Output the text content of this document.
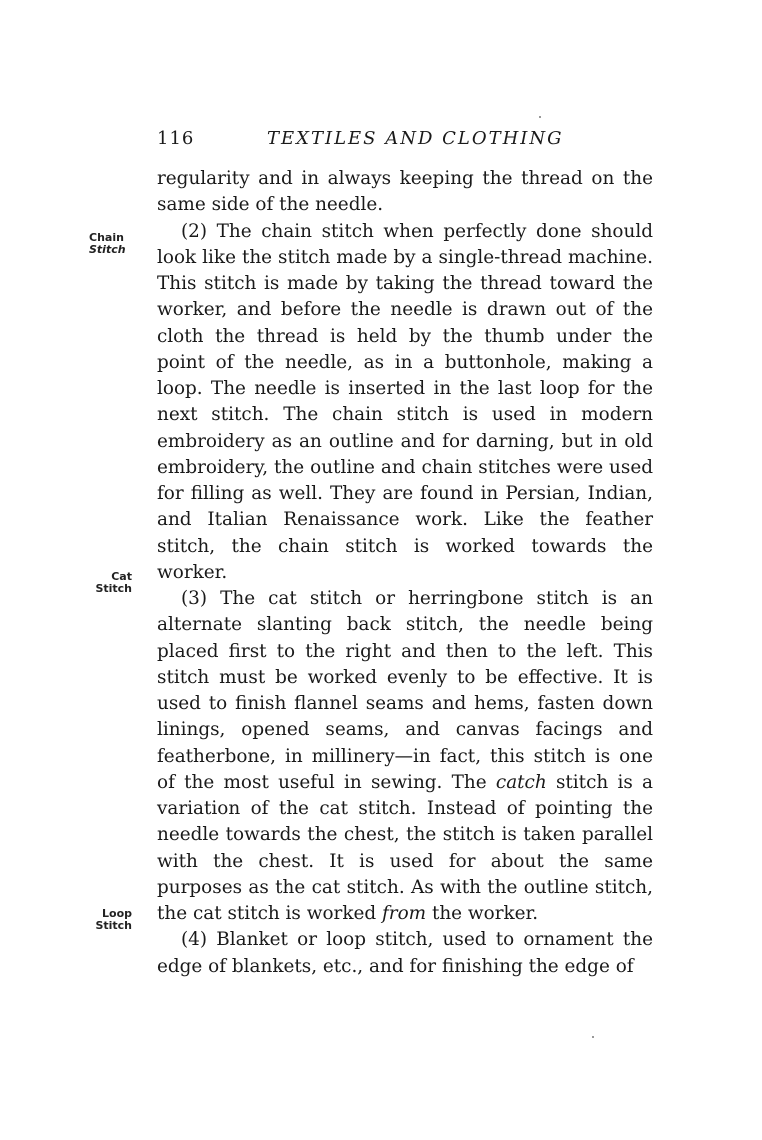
116	TEXTILES AND CLOTHING
Chain
Stitch
Cat
Stitch
Loop
Stitch

regularity and in always keeping the thread on the same side of the needle.

(2) The chain stitch when perfectly done should look like the stitch made by a single-thread machine. This stitch is made by taking the thread toward the worker, and before the needle is drawn out of the cloth the thread is held by the thumb under the point of the needle, as in a buttonhole, making a loop. The needle is inserted in the last loop for the next stitch. The chain stitch is used in modern embroidery as an outline and for darning, but in old embroidery, the outline and chain stitches were used for filling as well. They are found in Persian, Indian, and Italian Renaissance work. Like the feather stitch, the chain stitch is worked towards the worker.

(3) The cat stitch or herringbone stitch is an alternate slanting back stitch, the needle being placed first to the right and then to the left. This stitch must be worked evenly to be effective. It is used to finish flannel seams and hems, fasten down linings, opened seams, and canvas facings and featherbone, in millinery—in fact, this stitch is one of the most useful in sewing. The catch stitch is a variation of the cat stitch. Instead of pointing the needle towards the chest, the stitch is taken parallel with the chest. It is used for about the same purposes as the cat stitch. As with the outline stitch, the cat stitch is worked from the worker.

(4) Blanket or loop stitch, used to ornament the edge of blankets, etc., and for finishing the edge of
